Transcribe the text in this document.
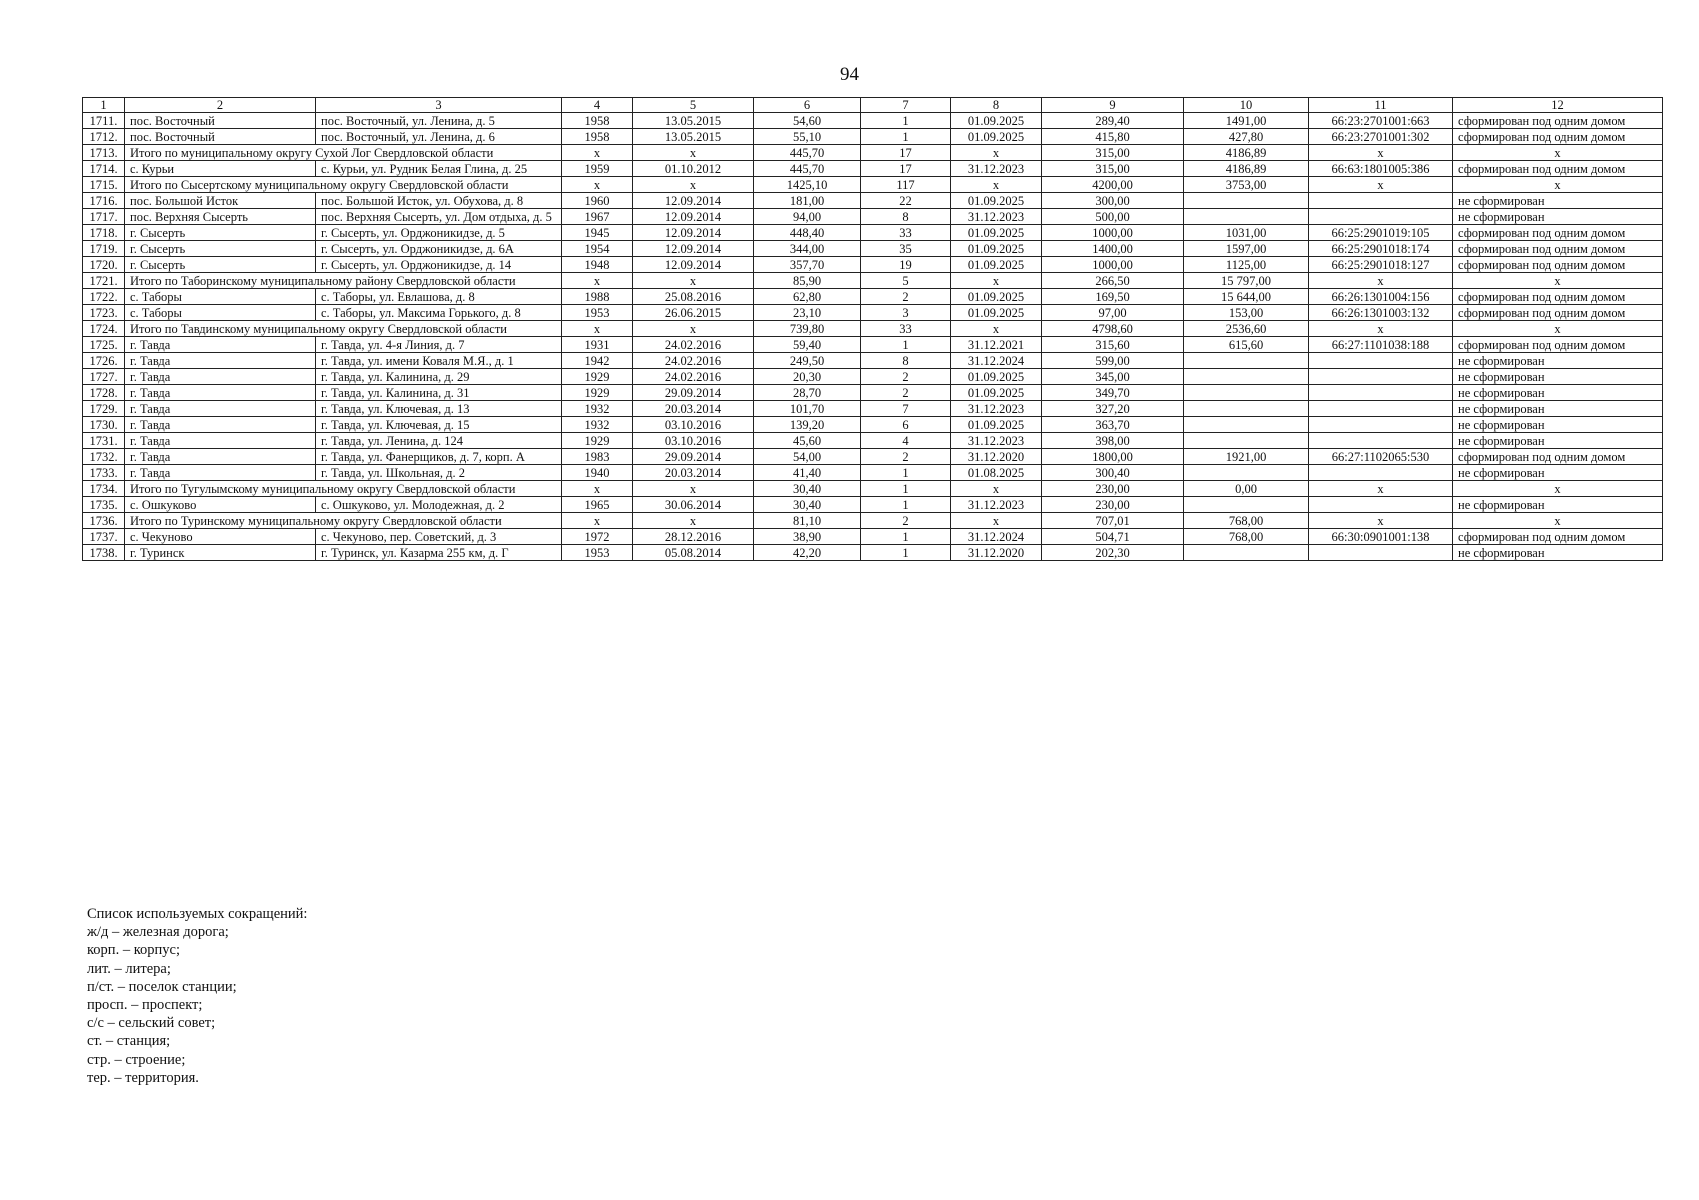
94
1	2	3	4	5	6	7	8	9	10	11	12
1711.	пос. Восточный	пос. Восточный, ул. Ленина, д. 5	1958	13.05.2015	54,60	1	01.09.2025	289,40	1491,00	66:23:2701001:663	сформирован под одним домом
1712.	пос. Восточный	пос. Восточный, ул. Ленина, д. 6	1958	13.05.2015	55,10	1	01.09.2025	415,80	427,80	66:23:2701001:302	сформирован под одним домом
1713.	Итого по муниципальному округу Сухой Лог Свердловской области		x	x	445,70	17	x	315,00	4186,89	x	x
1714.	с. Курьи	с. Курьи, ул. Рудник Белая Глина, д. 25	1959	01.10.2012	445,70	17	31.12.2023	315,00	4186,89	66:63:1801005:386	сформирован под одним домом
1715.	Итого по Сысертскому муниципальному округу Свердловской области		x	x	1425,10	117	x	4200,00	3753,00	x	x
1716.	пос. Большой Исток	пос. Большой Исток, ул. Обухова, д. 8	1960	12.09.2014	181,00	22	01.09.2025	300,00			не сформирован
1717.	пос. Верхняя Сысерть	пос. Верхняя Сысерть, ул. Дом отдыха, д. 5	1967	12.09.2014	94,00	8	31.12.2023	500,00			не сформирован
1718.	г. Сысерть	г. Сысерть, ул. Орджоникидзе, д. 5	1945	12.09.2014	448,40	33	01.09.2025	1000,00	1031,00	66:25:2901019:105	сформирован под одним домом
1719.	г. Сысерть	г. Сысерть, ул. Орджоникидзе, д. 6А	1954	12.09.2014	344,00	35	01.09.2025	1400,00	1597,00	66:25:2901018:174	сформирован под одним домом
1720.	г. Сысерть	г. Сысерть, ул. Орджоникидзе, д. 14	1948	12.09.2014	357,70	19	01.09.2025	1000,00	1125,00	66:25:2901018:127	сформирован под одним домом
1721.	Итого по Таборинскому муниципальному району Свердловской области		x	x	85,90	5	x	266,50	15 797,00	x	x
1722.	с. Таборы	с. Таборы, ул. Евлашова, д. 8	1988	25.08.2016	62,80	2	01.09.2025	169,50	15 644,00	66:26:1301004:156	сформирован под одним домом
1723.	с. Таборы	с. Таборы, ул. Максима Горького, д. 8	1953	26.06.2015	23,10	3	01.09.2025	97,00	153,00	66:26:1301003:132	сформирован под одним домом
1724.	Итого по Тавдинскому муниципальному округу Свердловской области		x	x	739,80	33	x	4798,60	2536,60	x	x
1725.	г. Тавда	г. Тавда, ул. 4-я Линия, д. 7	1931	24.02.2016	59,40	1	31.12.2021	315,60	615,60	66:27:1101038:188	сформирован под одним домом
1726.	г. Тавда	г. Тавда, ул. имени Коваля М.Я., д. 1	1942	24.02.2016	249,50	8	31.12.2024	599,00			не сформирован
1727.	г. Тавда	г. Тавда, ул. Калинина, д. 29	1929	24.02.2016	20,30	2	01.09.2025	345,00			не сформирован
1728.	г. Тавда	г. Тавда, ул. Калинина, д. 31	1929	29.09.2014	28,70	2	01.09.2025	349,70			не сформирован
1729.	г. Тавда	г. Тавда, ул. Ключевая, д. 13	1932	20.03.2014	101,70	7	31.12.2023	327,20			не сформирован
1730.	г. Тавда	г. Тавда, ул. Ключевая, д. 15	1932	03.10.2016	139,20	6	01.09.2025	363,70			не сформирован
1731.	г. Тавда	г. Тавда, ул. Ленина, д. 124	1929	03.10.2016	45,60	4	31.12.2023	398,00			не сформирован
1732.	г. Тавда	г. Тавда, ул. Фанерщиков, д. 7, корп. А	1983	29.09.2014	54,00	2	31.12.2020	1800,00	1921,00	66:27:1102065:530	сформирован под одним домом
1733.	г. Тавда	г. Тавда, ул. Школьная, д. 2	1940	20.03.2014	41,40	1	01.08.2025	300,40			не сформирован
1734.	Итого по Тугулымскому муниципальному округу Свердловской области		x	x	30,40	1	x	230,00	0,00	x	x
1735.	с. Ошкуково	с. Ошкуково, ул. Молодежная, д. 2	1965	30.06.2014	30,40	1	31.12.2023	230,00			не сформирован
1736.	Итого по Туринскому муниципальному округу Свердловской области		x	x	81,10	2	x	707,01	768,00	x	x
1737.	с. Чекуново	с. Чекуново, пер. Советский, д. 3	1972	28.12.2016	38,90	1	31.12.2024	504,71	768,00	66:30:0901001:138	сформирован под одним домом
1738.	г. Туринск	г. Туринск, ул. Казарма 255 км, д. Г	1953	05.08.2014	42,20	1	31.12.2020	202,30			не сформирован
Список используемых сокращений:
ж/д – железная дорога;
корп. – корпус;
лит. – литера;
п/ст. – поселок станции;
просп. – проспект;
с/с – сельский совет;
ст. – станция;
стр. – строение;
тер. – территория.
